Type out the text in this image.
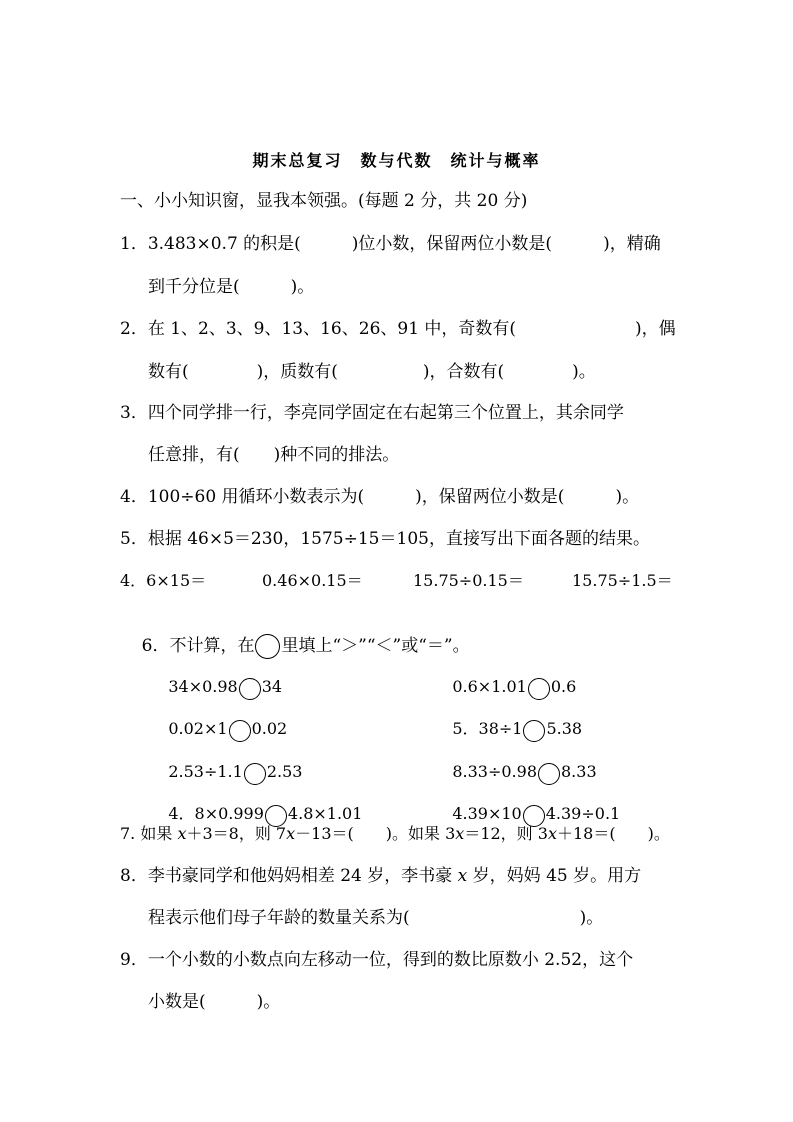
期末总复习　数与代数　统计与概率
一、小小知识窗，显我本领强。(每题 2 分，共 20 分)
1．3.483×0.7 的积是(　　　)位小数，保留两位小数是(　　　)，精确
到千分位是(　　　)。
2．在 1、2、3、9、13、16、26、91 中，奇数有(　　　　　　　)，偶
数有(　　　　)，质数有(　　　　　)，合数有(　　　　)。
3．四个同学排一行，李亮同学固定在右起第三个位置上，其余同学
任意排，有(　　)种不同的排法。
4．100÷60 用循环小数表示为(　　　)，保留两位小数是(　　　)。
5．根据 46×5＝230，1575÷15＝105，直接写出下面各题的结果。
4．6×15＝	0.46×0.15＝	15.75÷0.15＝	15.75÷1.5＝

6．不计算，在 里填上“＞”“＜”或“＝”。

34×0.98 34
	0.6×1.01 0.6

0.02×1 0.02
	5．38÷1 5.38

2.53÷1.1 2.53
	8.33÷0.98 8.33

4．8×0.999 4.8×1.01
	4.39×10 4.39÷0.1

7. 如果 x＋3＝8，则 7x－13＝(　　)。如果 3x＝12，则 3x＋18＝(　　)。
8．李书豪同学和他妈妈相差 24 岁，李书豪 x 岁，妈妈 45 岁。用方
程表示他们母子年龄的数量关系为(　　　　　　　　　　)。
9．一个小数的小数点向左移动一位，得到的数比原数小 2.52，这个
小数是(　　　)。
